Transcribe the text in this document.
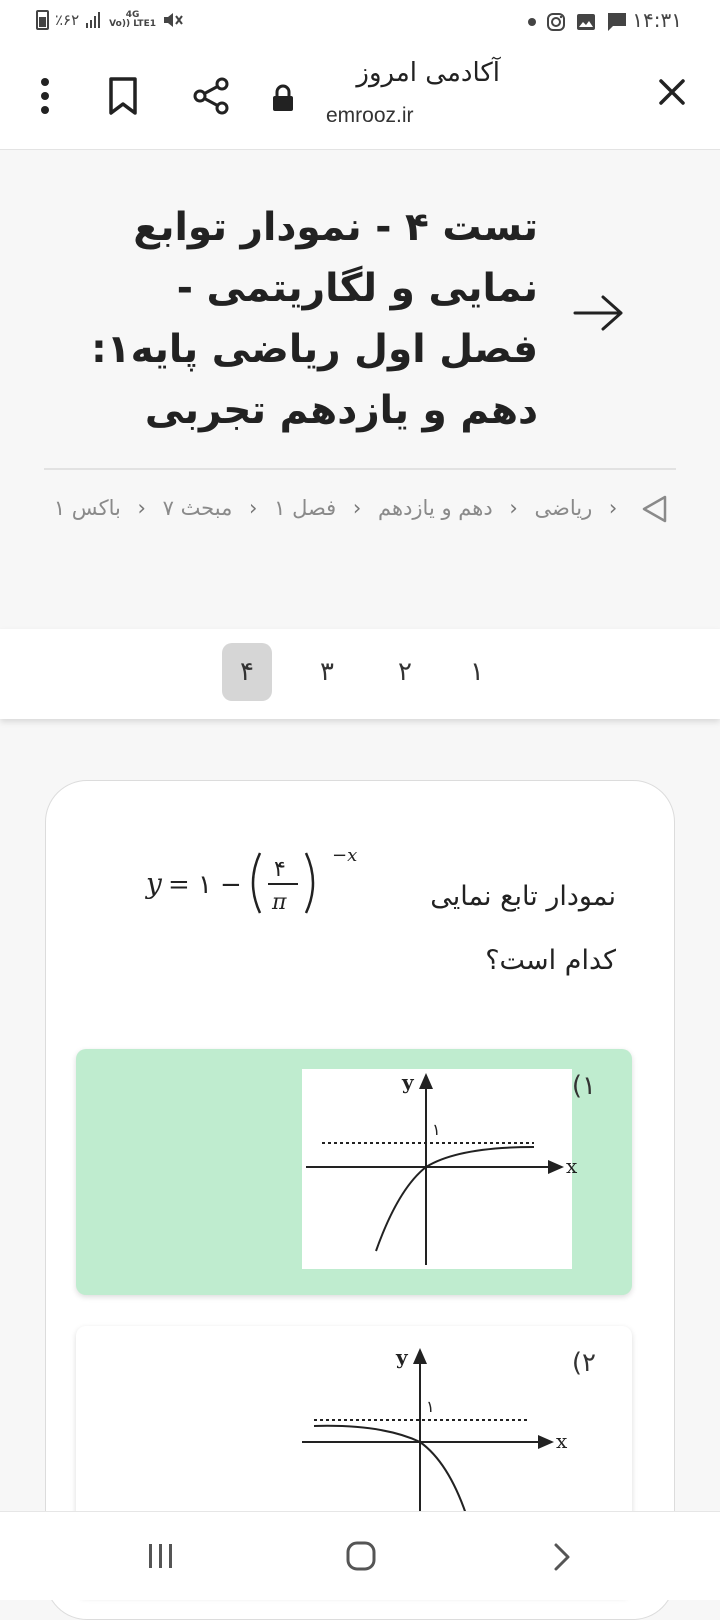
٪۶۲	4G
Vo)) LTE1	۱۴:۳۱
آکادمی امروز
emrooz.ir
تست ۴ - نمودار توابع نمایی و لگاریتمی - فصل اول ریاضی پایه۱: دهم و یازدهم تجربی
‹ ریاضی ‹ دهم و یازدهم ‹ فصل ۱ ‹ مبحث ۷ ‹ باکس ۱
۱
۲
۳
۴
نمودار تابع نمایی کدام است؟
y = ۱ −
۴
π
−x
۱)
x
y
۱
۲)
x
y
۱
